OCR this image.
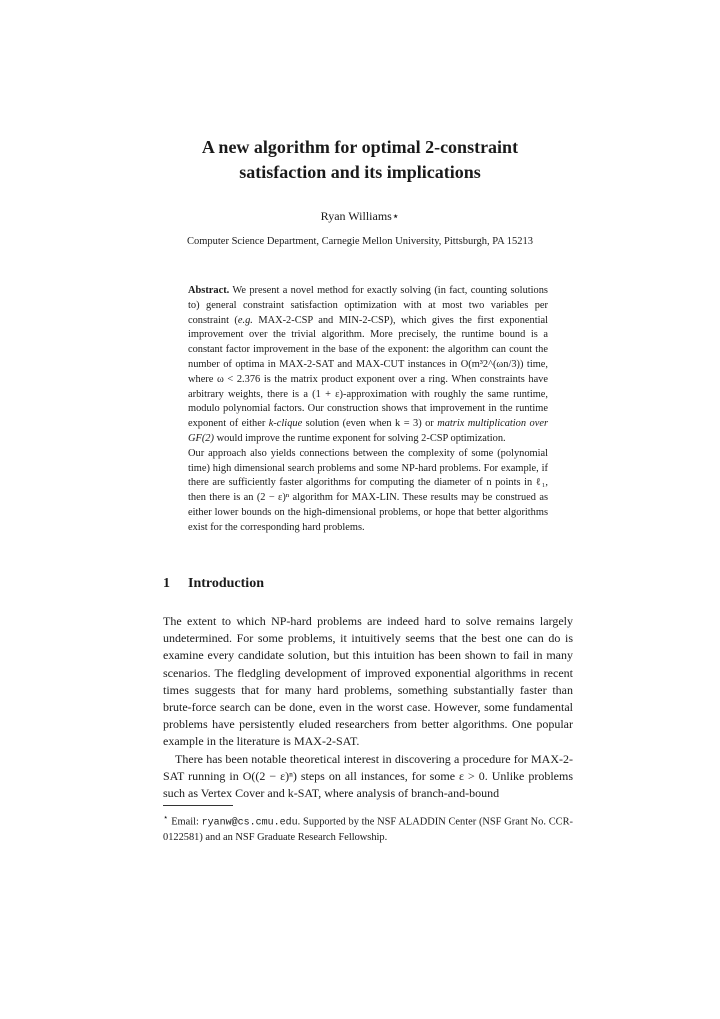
A new algorithm for optimal 2-constraint
satisfaction and its implications
Ryan Williams⋆
Computer Science Department, Carnegie Mellon University, Pittsburgh, PA 15213

Abstract. We present a novel method for exactly solving (in fact, counting solutions to) general constraint satisfaction optimization with at most two variables per constraint (e.g. MAX-2-CSP and MIN-2-CSP), which gives the first exponential improvement over the trivial algorithm. More precisely, the runtime bound is a constant factor improvement in the base of the exponent: the algorithm can count the number of optima in MAX-2-SAT and MAX-CUT instances in O(m³2^(ωn/3)) time, where ω < 2.376 is the matrix product exponent over a ring. When constraints have arbitrary weights, there is a (1 + ε)-approximation with roughly the same runtime, modulo polynomial factors. Our construction shows that improvement in the runtime exponent of either k-clique solution (even when k = 3) or matrix multiplication over GF(2) would improve the runtime exponent for solving 2-CSP optimization.

Our approach also yields connections between the complexity of some (polynomial time) high dimensional search problems and some NP-hard problems. For example, if there are sufficiently faster algorithms for computing the diameter of n points in ℓ₁, then there is an (2 − ε)ⁿ algorithm for MAX-LIN. These results may be construed as either lower bounds on the high-dimensional problems, or hope that better algorithms exist for the corresponding hard problems.

1 Introduction

The extent to which NP-hard problems are indeed hard to solve remains largely undetermined. For some problems, it intuitively seems that the best one can do is examine every candidate solution, but this intuition has been shown to fail in many scenarios. The fledgling development of improved exponential algorithms in recent times suggests that for many hard problems, something substantially faster than brute-force search can be done, even in the worst case. However, some fundamental problems have persistently eluded researchers from better algorithms. One popular example in the literature is MAX-2-SAT.

There has been notable theoretical interest in discovering a procedure for MAX-2-SAT running in O((2 − ε)ⁿ) steps on all instances, for some ε > 0. Unlike problems such as Vertex Cover and k-SAT, where analysis of branch-and-bound

⋆ Email: ryanw@cs.cmu.edu. Supported by the NSF ALADDIN Center (NSF Grant No. CCR-0122581) and an NSF Graduate Research Fellowship.
